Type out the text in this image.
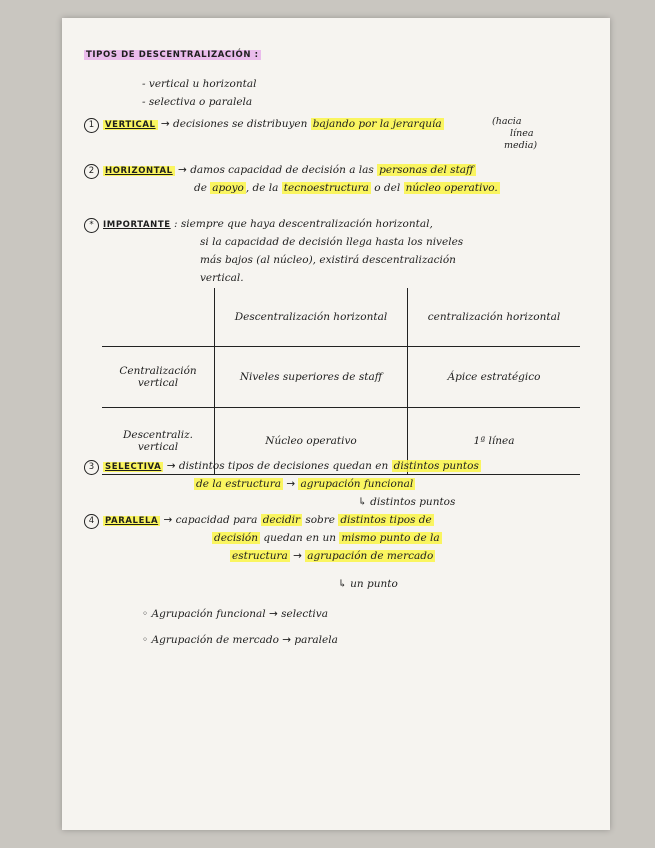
TIPOS DE DESCENTRALIZACIÓN :
- vertical u horizontal
- selectiva o paralela
1 VERTICAL → decisiones se distribuyen bajando por la jerarquía	(hacia
línea
media)
2 HORIZONTAL → damos capacidad de decisión a las personas del staff
de apoyo , de la tecnoestructura o del núcleo operativo.
* IMPORTANTE : siempre que haya descentralización horizontal,
si la capacidad de decisión llega hasta los niveles
más bajos (al núcleo), existirá descentralización
vertical.
	Descentralización horizontal	centralización horizontal
Centralización vertical	Niveles superiores de staff	Ápice estratégico
Descentraliz. vertical	Núcleo operativo	1ª línea
3 SELECTIVA → distintos tipos de decisiones quedan en distintos puntos
de la estructura → agrupación funcional
↳ distintos puntos
4 PARALELA → capacidad para decidir sobre distintos tipos de
decisión quedan en un mismo punto de la
estructura → agrupación de mercado
↳ un punto
◦ Agrupación funcional → selectiva
◦ Agrupación de mercado → paralela
